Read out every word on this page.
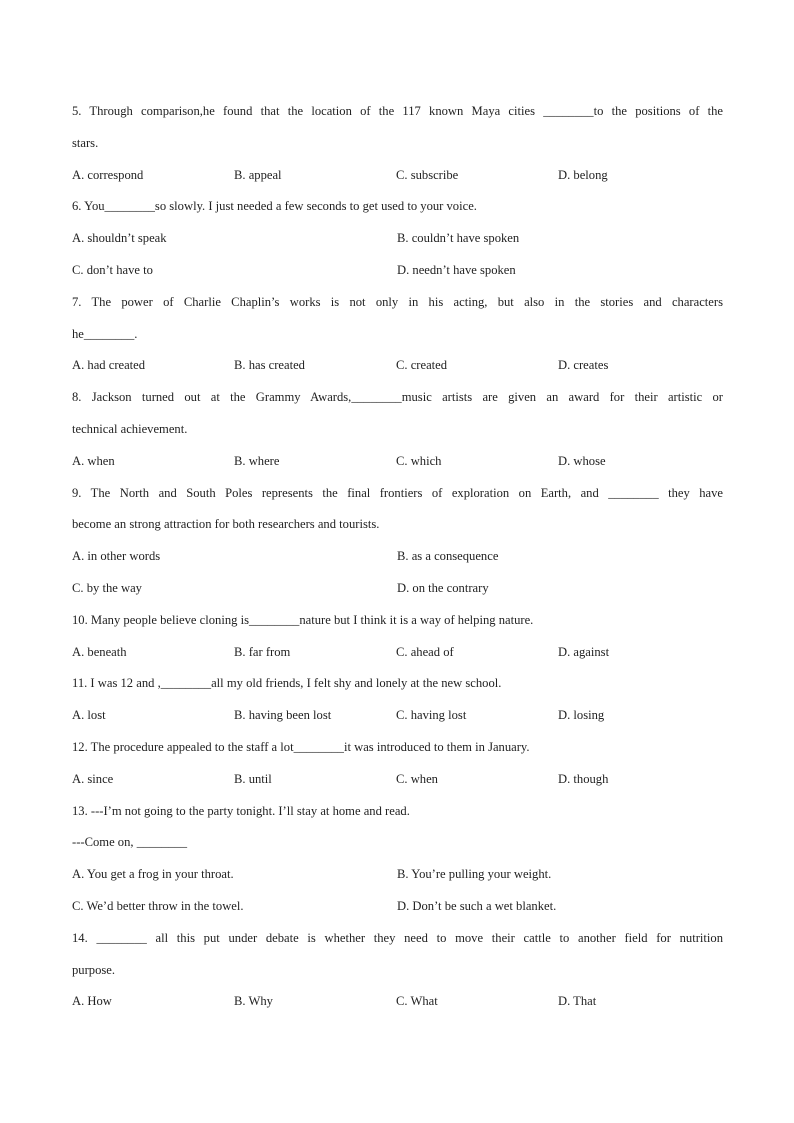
5. Through comparison,he found that the location of the 117 known Maya cities ________to the positions of the
stars.
A. correspond	B. appeal	C. subscribe	D. belong
6. You________so slowly. I just needed a few seconds to get used to your voice.
A. shouldn’t speak	B. couldn’t have spoken
C. don’t have to	D. needn’t have spoken
7. The power of Charlie Chaplin’s works is not only in his acting, but also in the stories and characters
he________.
A. had created	B. has created	C. created	D. creates
8. Jackson turned out at the Grammy Awards,________music artists are given an award for their artistic or
technical achievement.
A. when	B. where	C. which	D. whose
9. The North and South Poles represents the final frontiers of exploration on Earth, and ________ they have
become an strong attraction for both researchers and tourists.
A. in other words	B. as a consequence
C. by the way	D. on the contrary
10. Many people believe cloning is________nature but I think it is a way of helping nature.
A. beneath	B. far from	C. ahead of	D. against
11. I was 12 and ,________all my old friends, I felt shy and lonely at the new school.
A. lost	B. having been lost	C. having lost	D. losing
12. The procedure appealed to the staff a lot________it was introduced to them in January.
A. since	B. until	C. when	D. though
13. ---I’m not going to the party tonight. I’ll stay at home and read.
---Come on, ________
A. You get a frog in your throat.	B. You’re pulling your weight.
C. We’d better throw in the towel.	D. Don’t be such a wet blanket.
14. ________ all this put under debate is whether they need to move their cattle to another field for nutrition
purpose.
A. How	B. Why	C. What	D. That
